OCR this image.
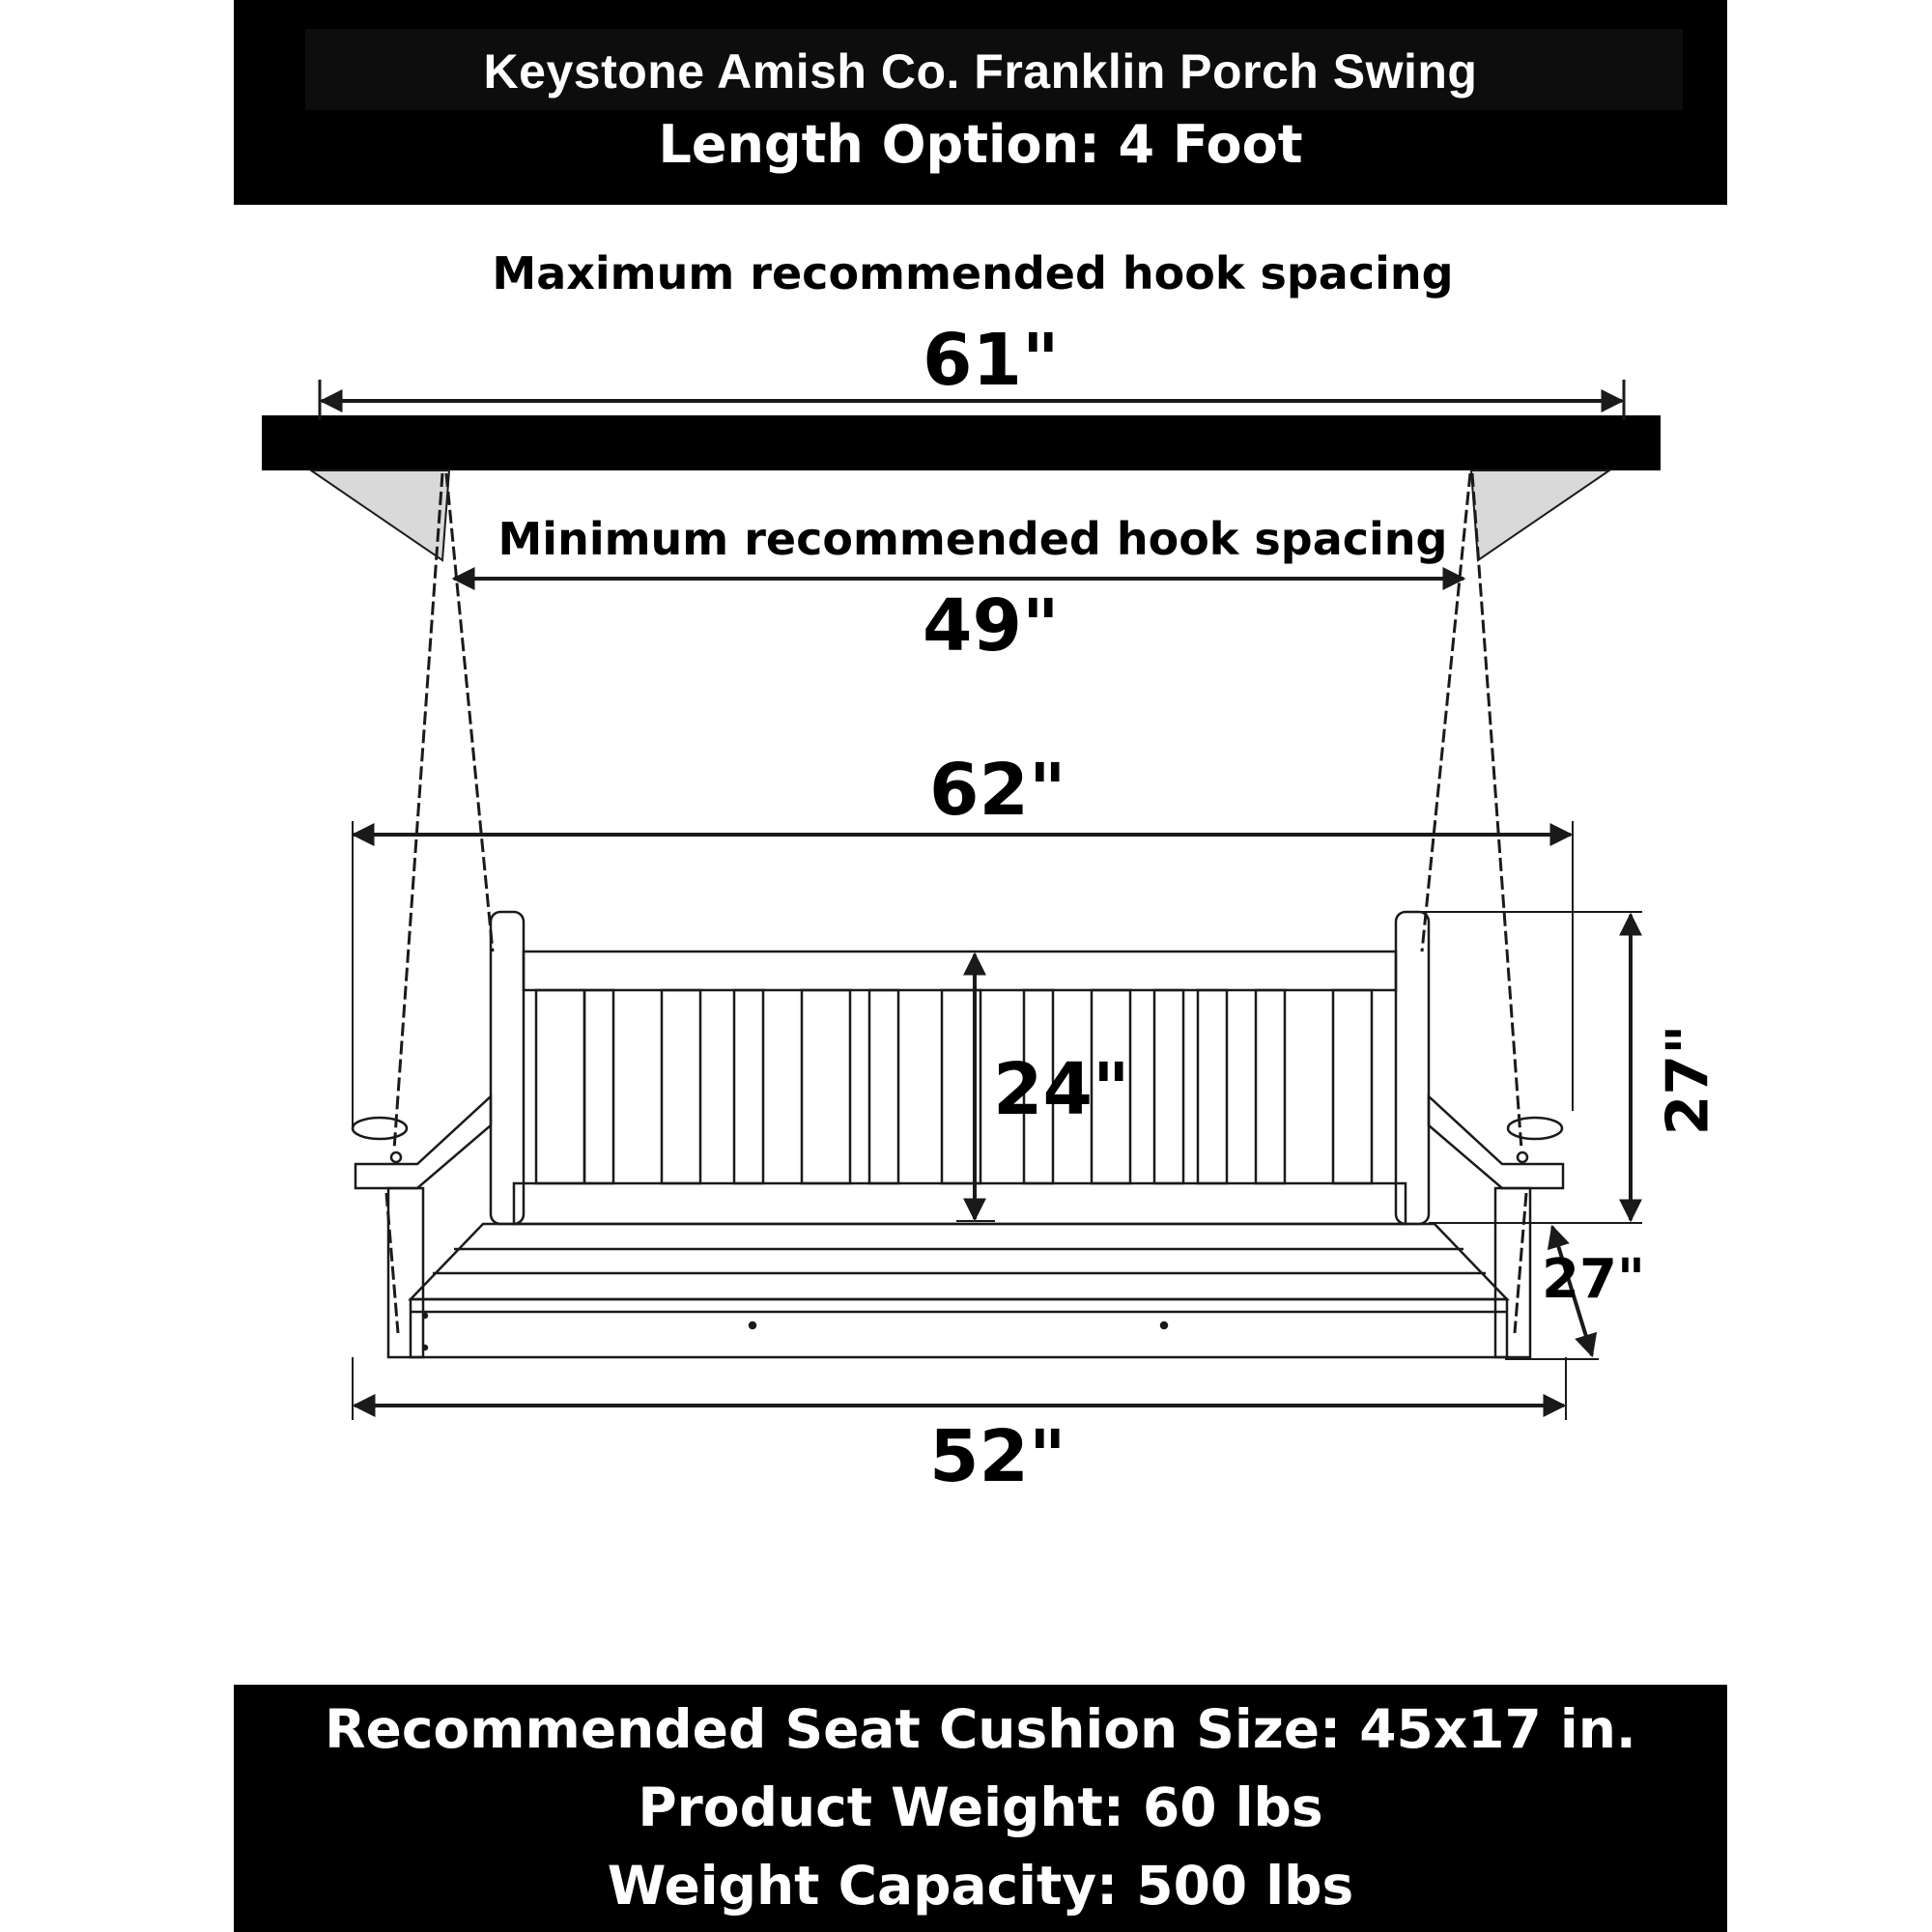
Keystone Amish Co. Franklin Porch Swing
Length Option: 4 Foot
Maximum recommended hook spacing
61"
Minimum recommended hook spacing
49"
62"
24"	27"
27"
52"
Recommended Seat Cushion Size: 45x17 in.
Product Weight: 60 lbs
Weight Capacity: 500 lbs
